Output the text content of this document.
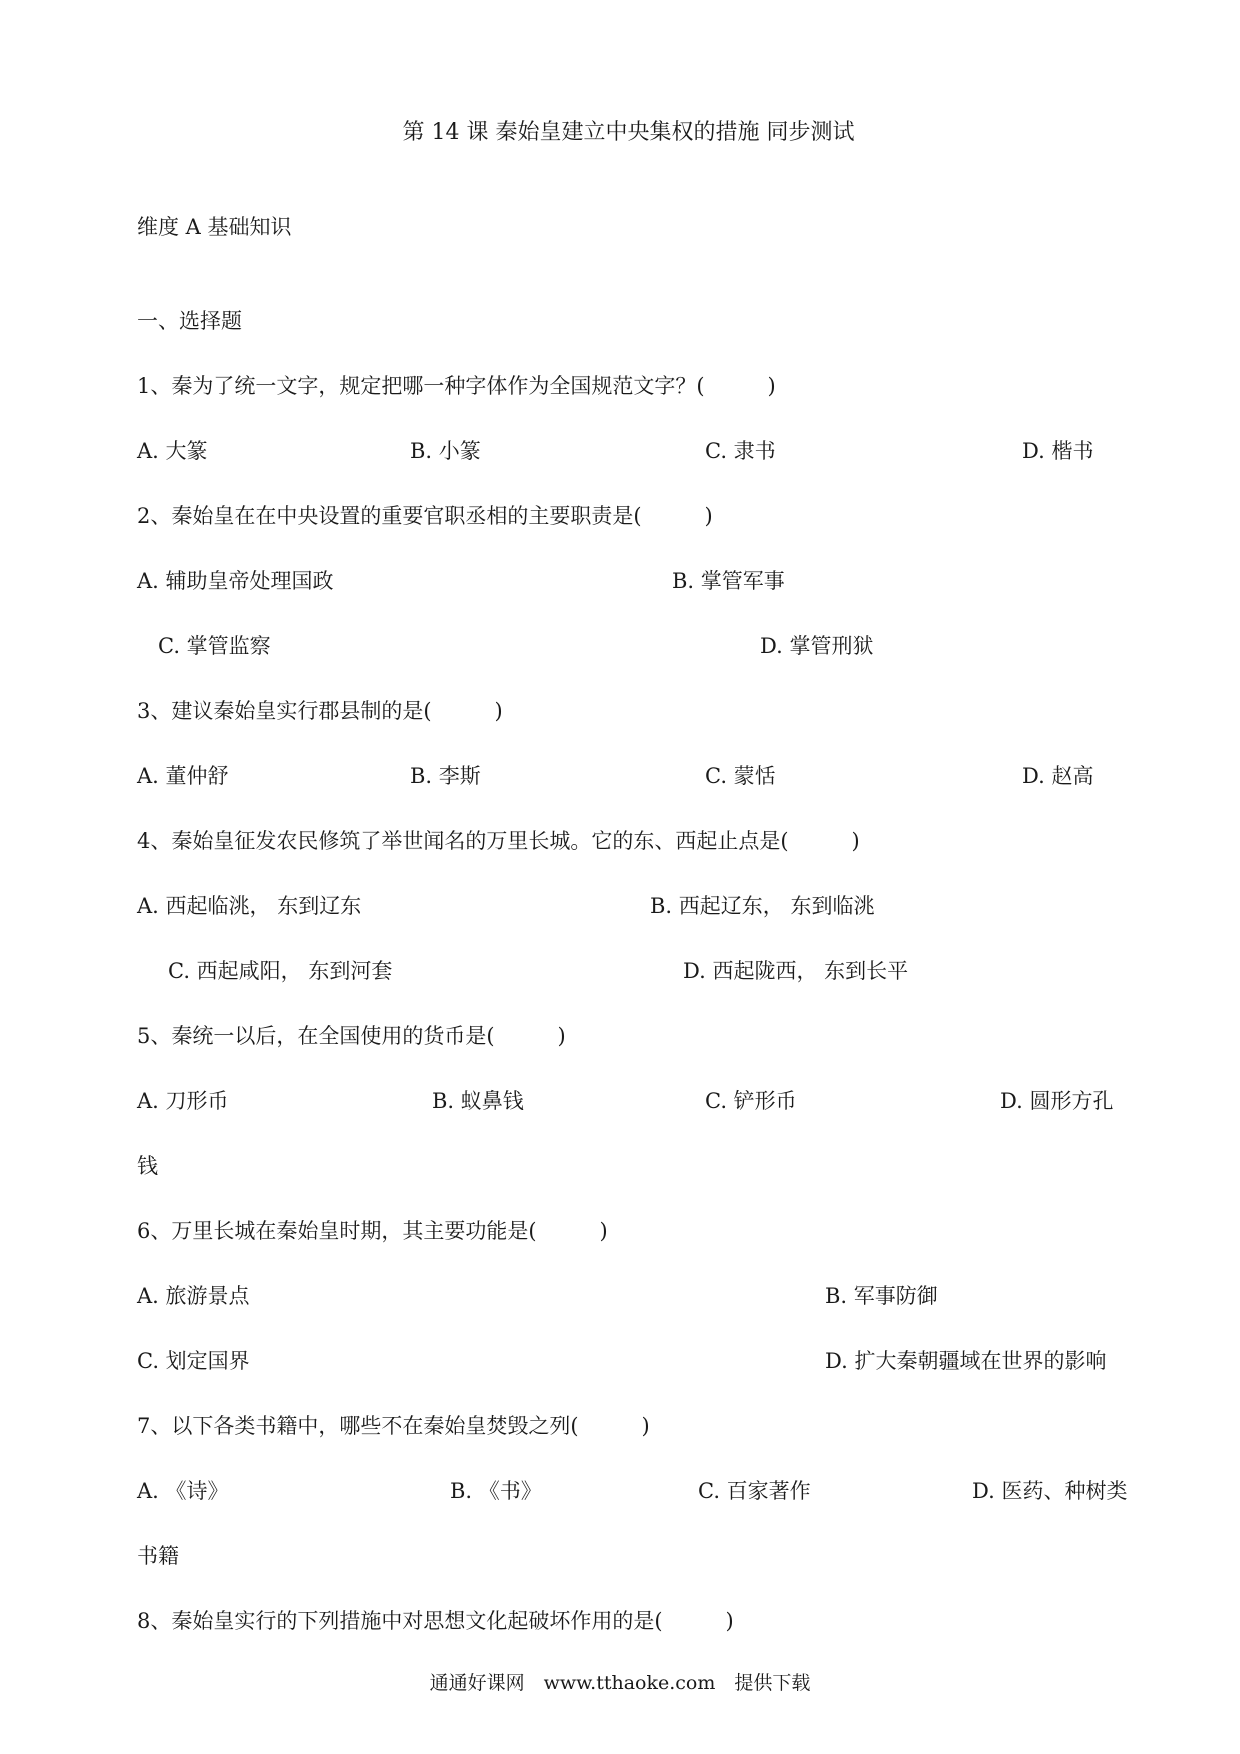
第 14 课 秦始皇建立中央集权的措施 同步测试
维度 A 基础知识
一、选择题
1、秦为了统一文字，规定把哪一种字体作为全国规范文字？(　　　)
A. 大篆	B. 小篆	C. 隶书	D. 楷书
2、秦始皇在在中央设置的重要官职丞相的主要职责是(　　　)
A. 辅助皇帝处理国政	B. 掌管军事
C. 掌管监察	D. 掌管刑狱
3、建议秦始皇实行郡县制的是(　　　)
A. 董仲舒	B. 李斯	C. 蒙恬	D. 赵高
4、秦始皇征发农民修筑了举世闻名的万里长城。它的东、西起止点是(　　　)
A. 西起临洮， 东到辽东	B. 西起辽东， 东到临洮
C. 西起咸阳， 东到河套	D. 西起陇西， 东到长平
5、秦统一以后，在全国使用的货币是(　　　)
A. 刀形币	B. 蚁鼻钱	C. 铲形币	D. 圆形方孔
钱
6、万里长城在秦始皇时期，其主要功能是(　　　)
A. 旅游景点	B. 军事防御
C. 划定国界	D. 扩大秦朝疆域在世界的影响
7、以下各类书籍中，哪些不在秦始皇焚毁之列(　　　)
A. 《诗》	B. 《书》	C. 百家著作	D. 医药、种树类
书籍
8、秦始皇实行的下列措施中对思想文化起破坏作用的是(　　　)
通通好课网　www.tthaoke.com　提供下载
